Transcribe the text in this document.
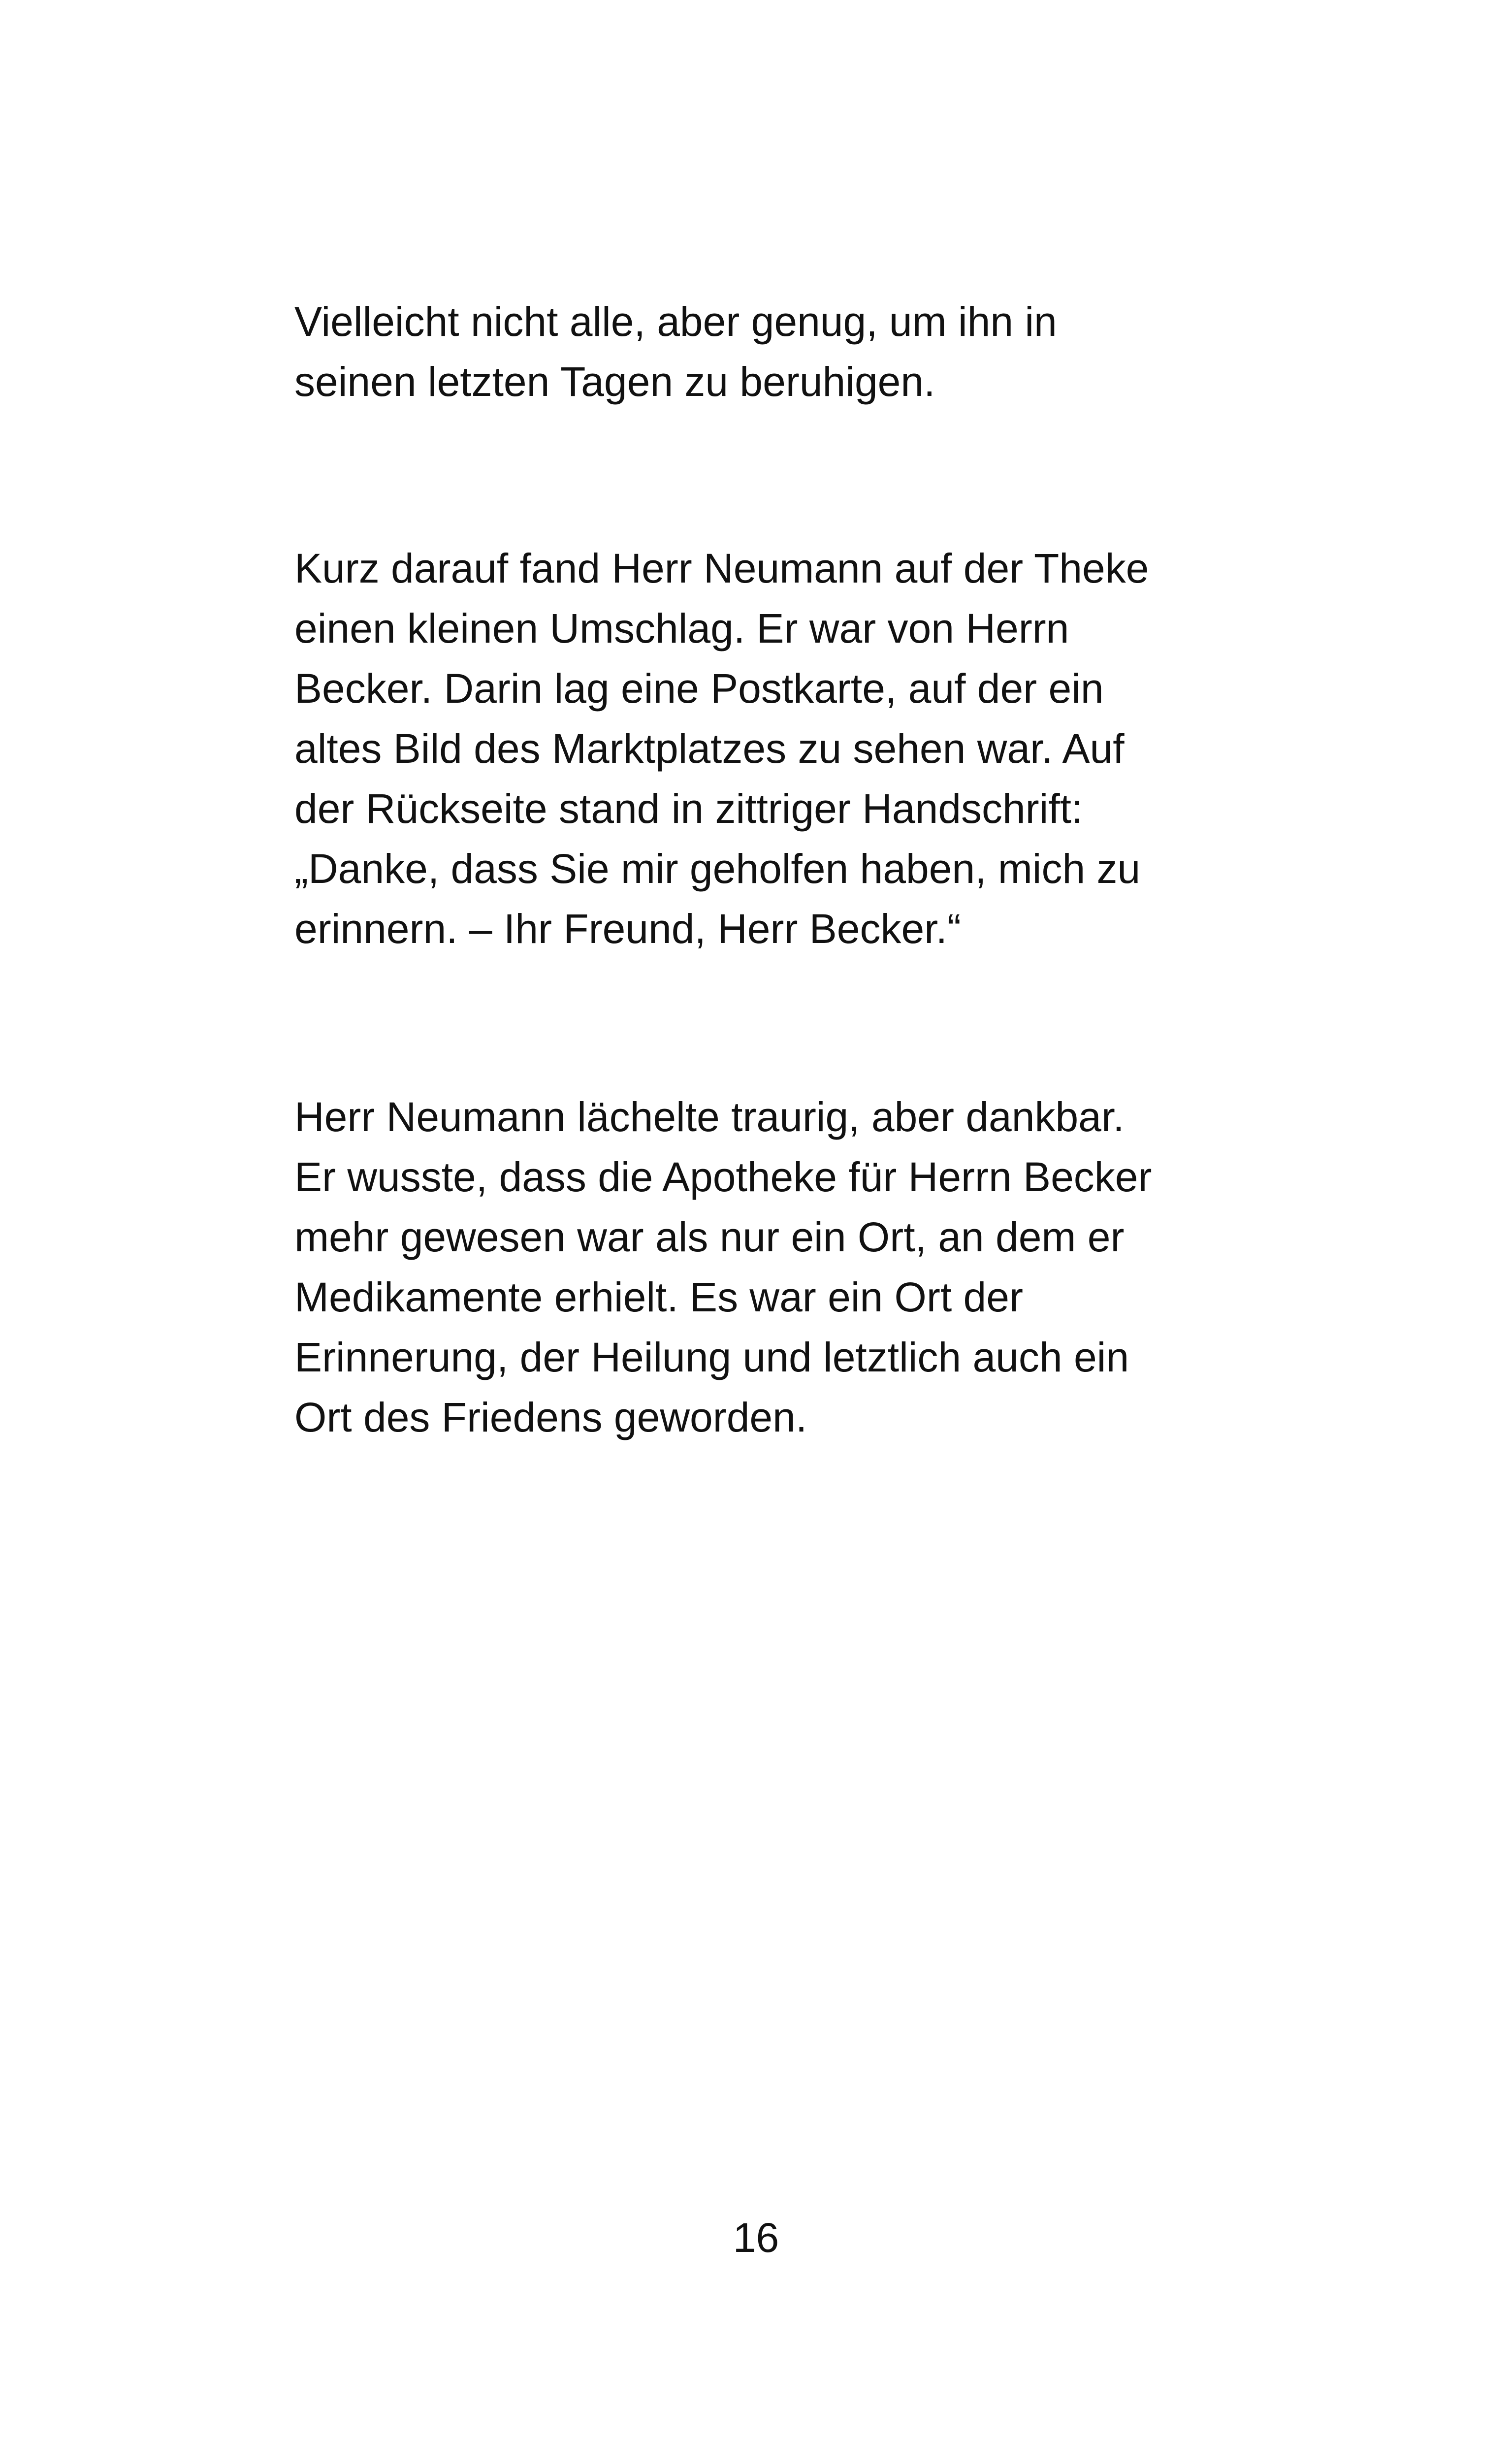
Vielleicht nicht alle, aber genug, um ihn in
seinen letzten Tagen zu beruhigen.
Kurz darauf fand Herr Neumann auf der Theke
einen kleinen Umschlag. Er war von Herrn
Becker. Darin lag eine Postkarte, auf der ein
altes Bild des Marktplatzes zu sehen war. Auf
der Rückseite stand in zittriger Handschrift:
„Danke, dass Sie mir geholfen haben, mich zu
erinnern. – Ihr Freund, Herr Becker.“
Herr Neumann lächelte traurig, aber dankbar.
Er wusste, dass die Apotheke für Herrn Becker
mehr gewesen war als nur ein Ort, an dem er
Medikamente erhielt. Es war ein Ort der
Erinnerung, der Heilung und letztlich auch ein
Ort des Friedens geworden.
16
